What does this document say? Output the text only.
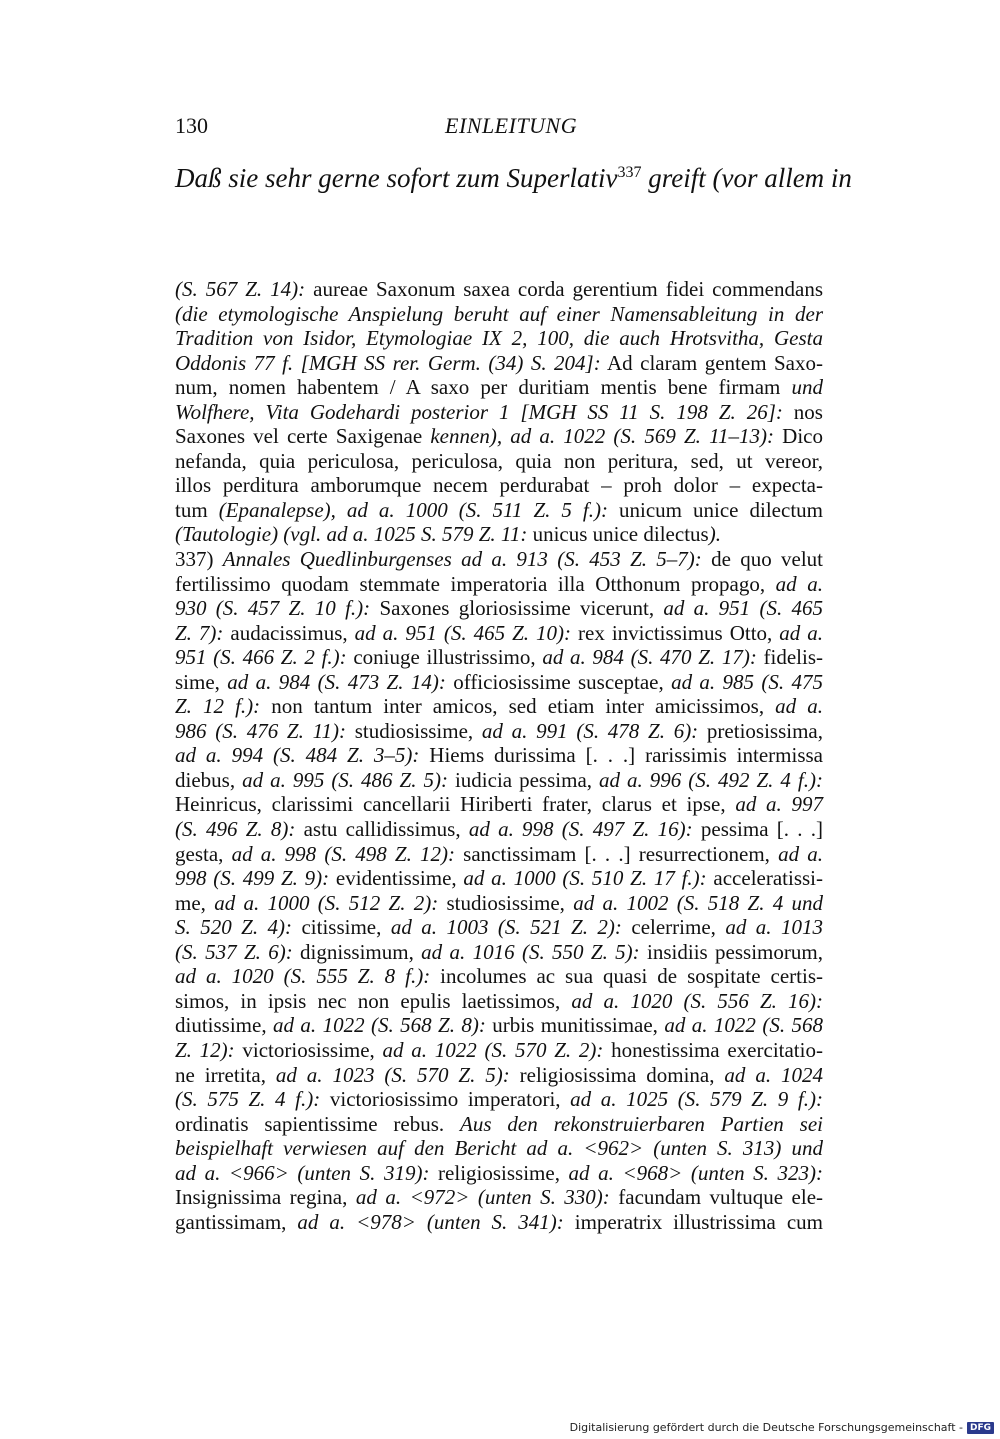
130	EINLEITUNG
Daß sie sehr gerne sofort zum Superlativ$^{337}$ greift (vor allem in
(S. 567 Z. 14): aureae Saxonum saxea corda gerentium fidei commendans
(die etymologische Anspielung beruht auf einer Namensableitung in der
Tradition von Isidor, Etymologiae IX 2, 100, die auch Hrotsvitha, Gesta
Oddonis 77 f. [MGH SS rer. Germ. (34) S. 204]: Ad claram gentem Saxo-
num, nomen habentem / A saxo per duritiam mentis bene firmam und
Wolfhere, Vita Godehardi posterior 1 [MGH SS 11 S. 198 Z. 26]: nos
Saxones vel certe Saxigenae kennen), ad a. 1022 (S. 569 Z. 11–13): Dico
nefanda, quia periculosa, periculosa, quia non peritura, sed, ut vereor,
illos perditura amborumque necem perdurabat – proh dolor – expecta-
tum (Epanalepse), ad a. 1000 (S. 511 Z. 5 f.): unicum unice dilectum
(Tautologie) (vgl. ad a. 1025 S. 579 Z. 11: unicus unice dilectus).
337) Annales Quedlinburgenses ad a. 913 (S. 453 Z. 5–7): de quo velut
fertilissimo quodam stemmate imperatoria illa Otthonum propago, ad a.
930 (S. 457 Z. 10 f.): Saxones gloriosissime vicerunt, ad a. 951 (S. 465
Z. 7): audacissimus, ad a. 951 (S. 465 Z. 10): rex invictissimus Otto, ad a.
951 (S. 466 Z. 2 f.): coniuge illustrissimo, ad a. 984 (S. 470 Z. 17): fidelis-
sime, ad a. 984 (S. 473 Z. 14): officiosissime susceptae, ad a. 985 (S. 475
Z. 12 f.): non tantum inter amicos, sed etiam inter amicissimos, ad a.
986 (S. 476 Z. 11): studiosissime, ad a. 991 (S. 478 Z. 6): pretiosissima,
ad a. 994 (S. 484 Z. 3–5): Hiems durissima [. . .] rarissimis intermissa
diebus, ad a. 995 (S. 486 Z. 5): iudicia pessima, ad a. 996 (S. 492 Z. 4 f.):
Heinricus, clarissimi cancellarii Hiriberti frater, clarus et ipse, ad a. 997
(S. 496 Z. 8): astu callidissimus, ad a. 998 (S. 497 Z. 16): pessima [. . .]
gesta, ad a. 998 (S. 498 Z. 12): sanctissimam [. . .] resurrectionem, ad a.
998 (S. 499 Z. 9): evidentissime, ad a. 1000 (S. 510 Z. 17 f.): acceleratissi-
me, ad a. 1000 (S. 512 Z. 2): studiosissime, ad a. 1002 (S. 518 Z. 4 und
S. 520 Z. 4): citissime, ad a. 1003 (S. 521 Z. 2): celerrime, ad a. 1013
(S. 537 Z. 6): dignissimum, ad a. 1016 (S. 550 Z. 5): insidiis pessimorum,
ad a. 1020 (S. 555 Z. 8 f.): incolumes ac sua quasi de sospitate certis-
simos, in ipsis nec non epulis laetissimos, ad a. 1020 (S. 556 Z. 16):
diutissime, ad a. 1022 (S. 568 Z. 8): urbis munitissimae, ad a. 1022 (S. 568
Z. 12): victoriosissime, ad a. 1022 (S. 570 Z. 2): honestissima exercitatio-
ne irretita, ad a. 1023 (S. 570 Z. 5): religiosissima domina, ad a. 1024
(S. 575 Z. 4 f.): victoriosissimo imperatori, ad a. 1025 (S. 579 Z. 9 f.):
ordinatis sapientissime rebus. Aus den rekonstruierbaren Partien sei
beispielhaft verwiesen auf den Bericht ad a. <962> (unten S. 313) und
ad a. <966> (unten S. 319): religiosissime, ad a. <968> (unten S. 323):
Insignissima regina, ad a. <972> (unten S. 330): facundam vultuque ele-
gantissimam, ad a. <978> (unten S. 341): imperatrix illustrissima cum
Digitalisierung gefördert durch die Deutsche Forschungsgemeinschaft - DFG
